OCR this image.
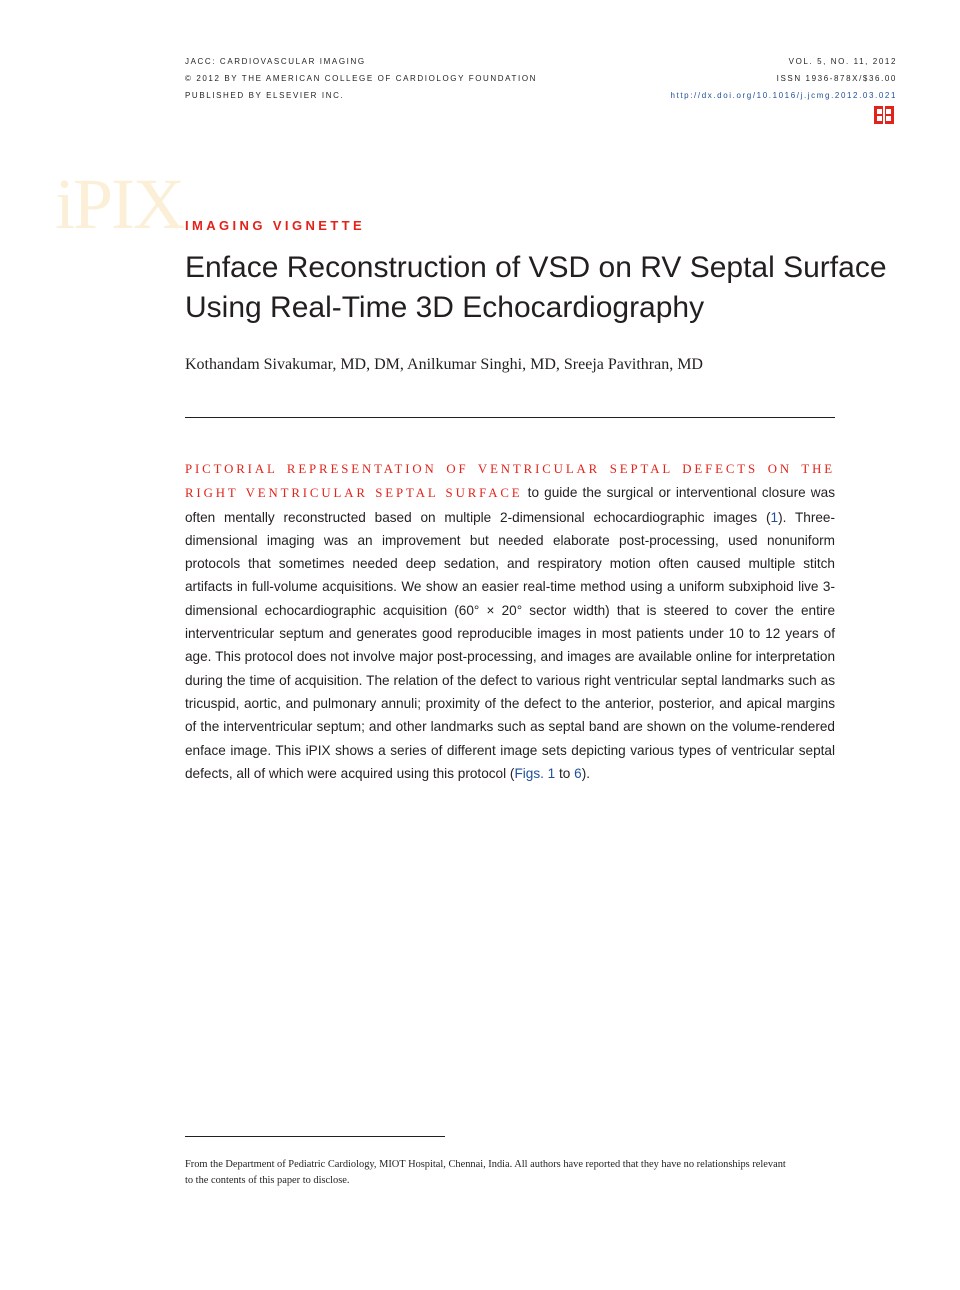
JACC: CARDIOVASCULAR IMAGING
© 2012 BY THE AMERICAN COLLEGE OF CARDIOLOGY FOUNDATION
PUBLISHED BY ELSEVIER INC.
VOL. 5, NO. 11, 2012
ISSN 1936-878X/$36.00
http://dx.doi.org/10.1016/j.jcmg.2012.03.021
iPIX IMAGING VIGNETTE
Enface Reconstruction of VSD on RV Septal Surface
Using Real-Time 3D Echocardiography
Kothandam Sivakumar, MD, DM, Anilkumar Singhi, MD, Sreeja Pavithran, MD
PICTORIAL REPRESENTATION OF VENTRICULAR SEPTAL DEFECTS ON THE RIGHT VENTRICULAR SEPTAL SURFACE to guide the surgical or interventional closure was often mentally reconstructed based on multiple 2-dimensional echocardiographic images (1). Three-dimensional imaging was an improvement but needed elaborate post-processing, used nonuniform protocols that sometimes needed deep sedation, and respiratory motion often caused multiple stitch artifacts in full-volume acquisitions. We show an easier real-time method using a uniform subxiphoid live 3-dimensional echocardiographic acquisition (60° × 20° sector width) that is steered to cover the entire interventricular septum and generates good reproducible images in most patients under 10 to 12 years of age. This protocol does not involve major post-processing, and images are available online for interpretation during the time of acquisition. The relation of the defect to various right ventricular septal landmarks such as tricuspid, aortic, and pulmonary annuli; proximity of the defect to the anterior, posterior, and apical margins of the interventricular septum; and other landmarks such as septal band are shown on the volume-rendered enface image. This iPIX shows a series of different image sets depicting various types of ventricular septal defects, all of which were acquired using this protocol (Figs. 1 to 6).
From the Department of Pediatric Cardiology, MIOT Hospital, Chennai, India. All authors have reported that they have no relationships relevant to the contents of this paper to disclose.
